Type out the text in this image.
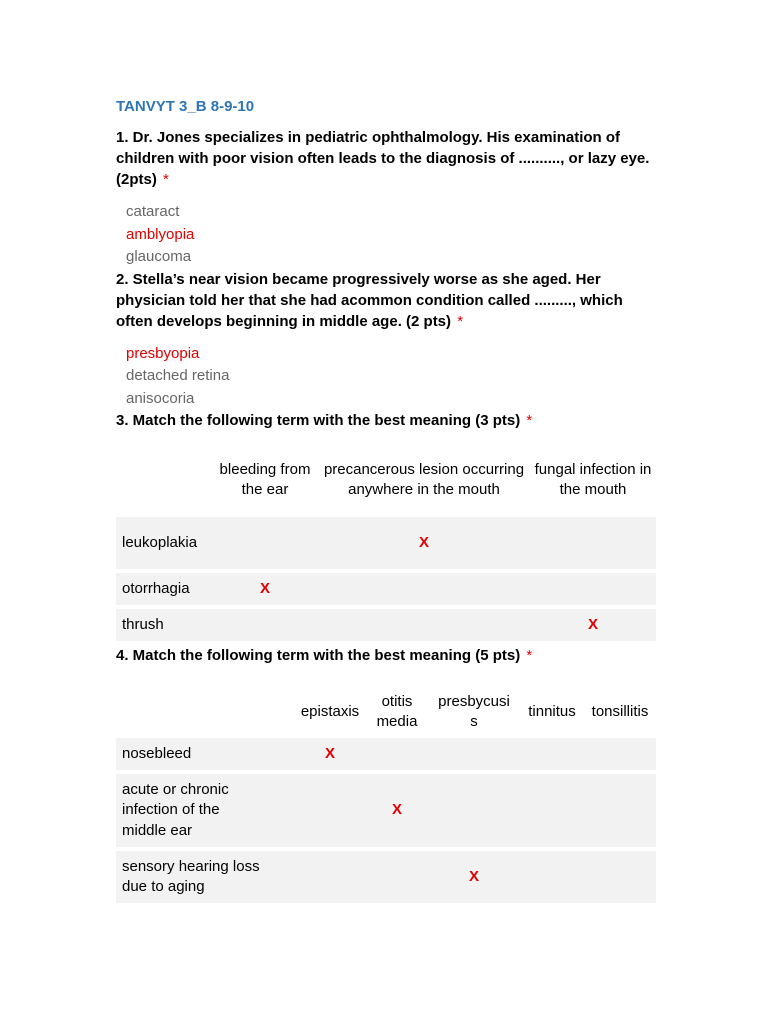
TANVYT 3_B 8-9-10
1. Dr. Jones specializes in pediatric ophthalmology. His examination of children with poor vision often leads to the diagnosis of .........., or lazy eye. (2pts) *
cataract
amblyopia
glaucoma
2. Stella’s near vision became progressively worse as she aged. Her physician told her that she had acommon condition called ........., which often develops beginning in middle age. (2 pts) *
presbyopia
detached retina
anisocoria
3. Match the following term with the best meaning (3 pts) *
	bleeding from the ear	precancerous lesion occurring anywhere in the mouth	fungal infection in the mouth
leukoplakia		X	
otorrhagia	X		
thrush			X
4. Match the following term with the best meaning (5 pts) *
	epistaxis	otitis media	presbycusis	tinnitus	tonsillitis
nosebleed	X				
acute or chronic infection of the middle ear		X			
sensory hearing loss due to aging			X		
